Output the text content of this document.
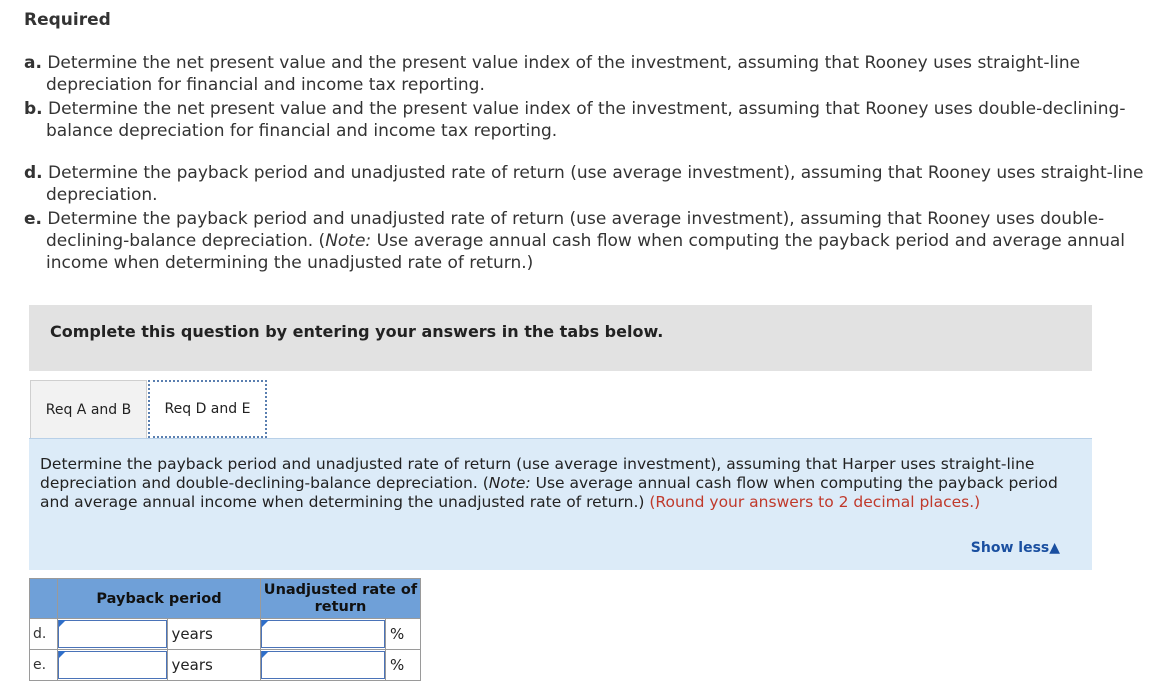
Required

a. Determine the net present value and the present value index of the investment, assuming that Rooney uses straight-line depreciation for financial and income tax reporting.

b. Determine the net present value and the present value index of the investment, assuming that Rooney uses double-declining-balance depreciation for financial and income tax reporting.

d. Determine the payback period and unadjusted rate of return (use average investment), assuming that Rooney uses straight-line depreciation.

e. Determine the payback period and unadjusted rate of return (use average investment), assuming that Rooney uses double-declining-balance depreciation. (Note: Use average annual cash flow when computing the payback period and average annual income when determining the unadjusted rate of return.)

Complete this question by entering your answers in the tabs below.
Req A and B	Req D and E
Determine the payback period and unadjusted rate of return (use average investment), assuming that Harper uses straight-line depreciation and double-declining-balance depreciation. (Note: Use average annual cash flow when computing the payback period and average annual income when determining the unadjusted rate of return.) (Round your answers to 2 decimal places.)
Show less▲
	Payback period		Unadjusted rate of return	
d.		years		%
e.		years		%
